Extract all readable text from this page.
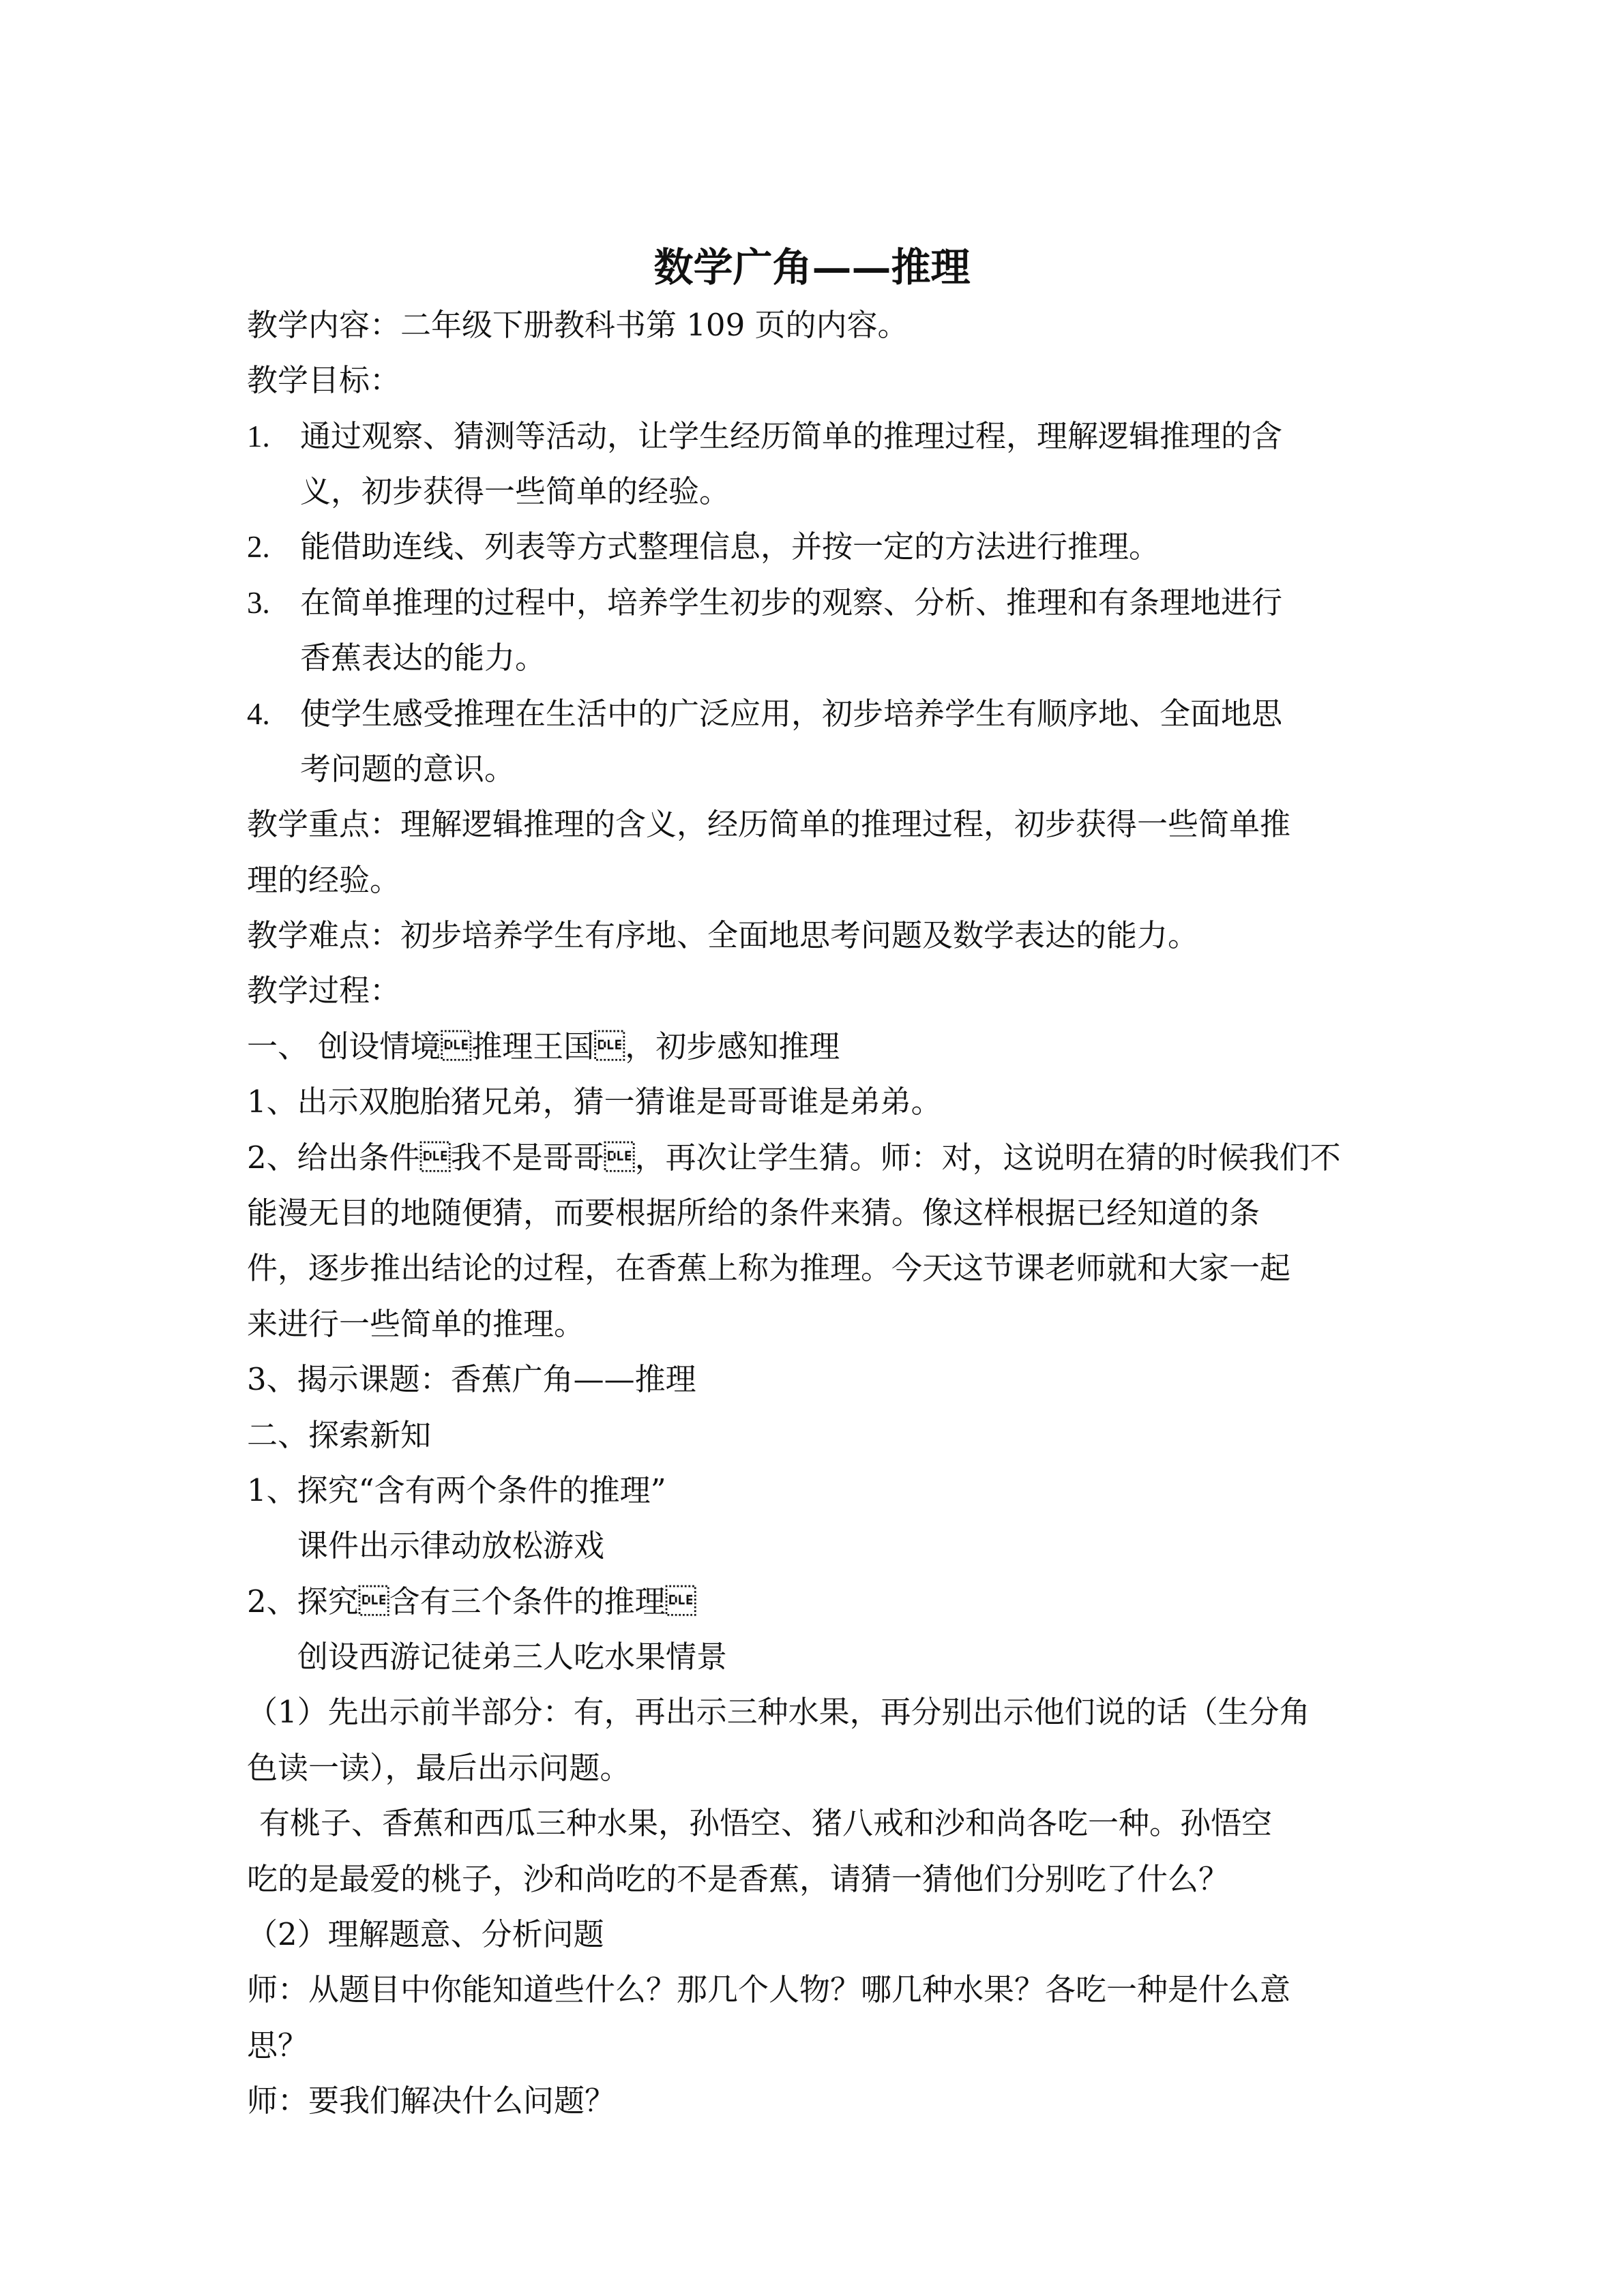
数学广角——推理
教学内容：二年级下册教科书第 109 页的内容。
教学目标：
1. 通过观察、猜测等活动，让学生经历简单的推理过程，理解逻辑推理的含
义，初步获得一些简单的经验。
2. 能借助连线、列表等方式整理信息，并按一定的方法进行推理。
3. 在简单推理的过程中，培养学生初步的观察、分析、推理和有条理地进行
香蕉表达的能力。
4. 使学生感受推理在生活中的广泛应用，初步培养学生有顺序地、全面地思
考问题的意识。
教学重点：理解逻辑推理的含义，经历简单的推理过程，初步获得一些简单推
理的经验。
教学难点：初步培养学生有序地、全面地思考问题及数学表达的能力。
教学过程：
一、 创设情境推理王国，初步感知推理
1、出示双胞胎猪兄弟，猜一猜谁是哥哥谁是弟弟。
2、给出条件我不是哥哥，再次让学生猜。师：对，这说明在猜的时候我们不
能漫无目的地随便猜，而要根据所给的条件来猜。像这样根据已经知道的条
件，逐步推出结论的过程，在香蕉上称为推理。今天这节课老师就和大家一起
来进行一些简单的推理。
3、揭示课题：香蕉广角——推理
二、探索新知
1、探究“含有两个条件的推理”
课件出示律动放松游戏
2、探究含有三个条件的推理
创设西游记徒弟三人吃水果情景
（1）先出示前半部分：有，再出示三种水果，再分别出示他们说的话（生分角
色读一读），最后出示问题。
有桃子、香蕉和西瓜三种水果，孙悟空、猪八戒和沙和尚各吃一种。孙悟空
吃的是最爱的桃子，沙和尚吃的不是香蕉，请猜一猜他们分别吃了什么？
（2）理解题意、分析问题
师：从题目中你能知道些什么？那几个人物？哪几种水果？各吃一种是什么意
思？
师：要我们解决什么问题？
